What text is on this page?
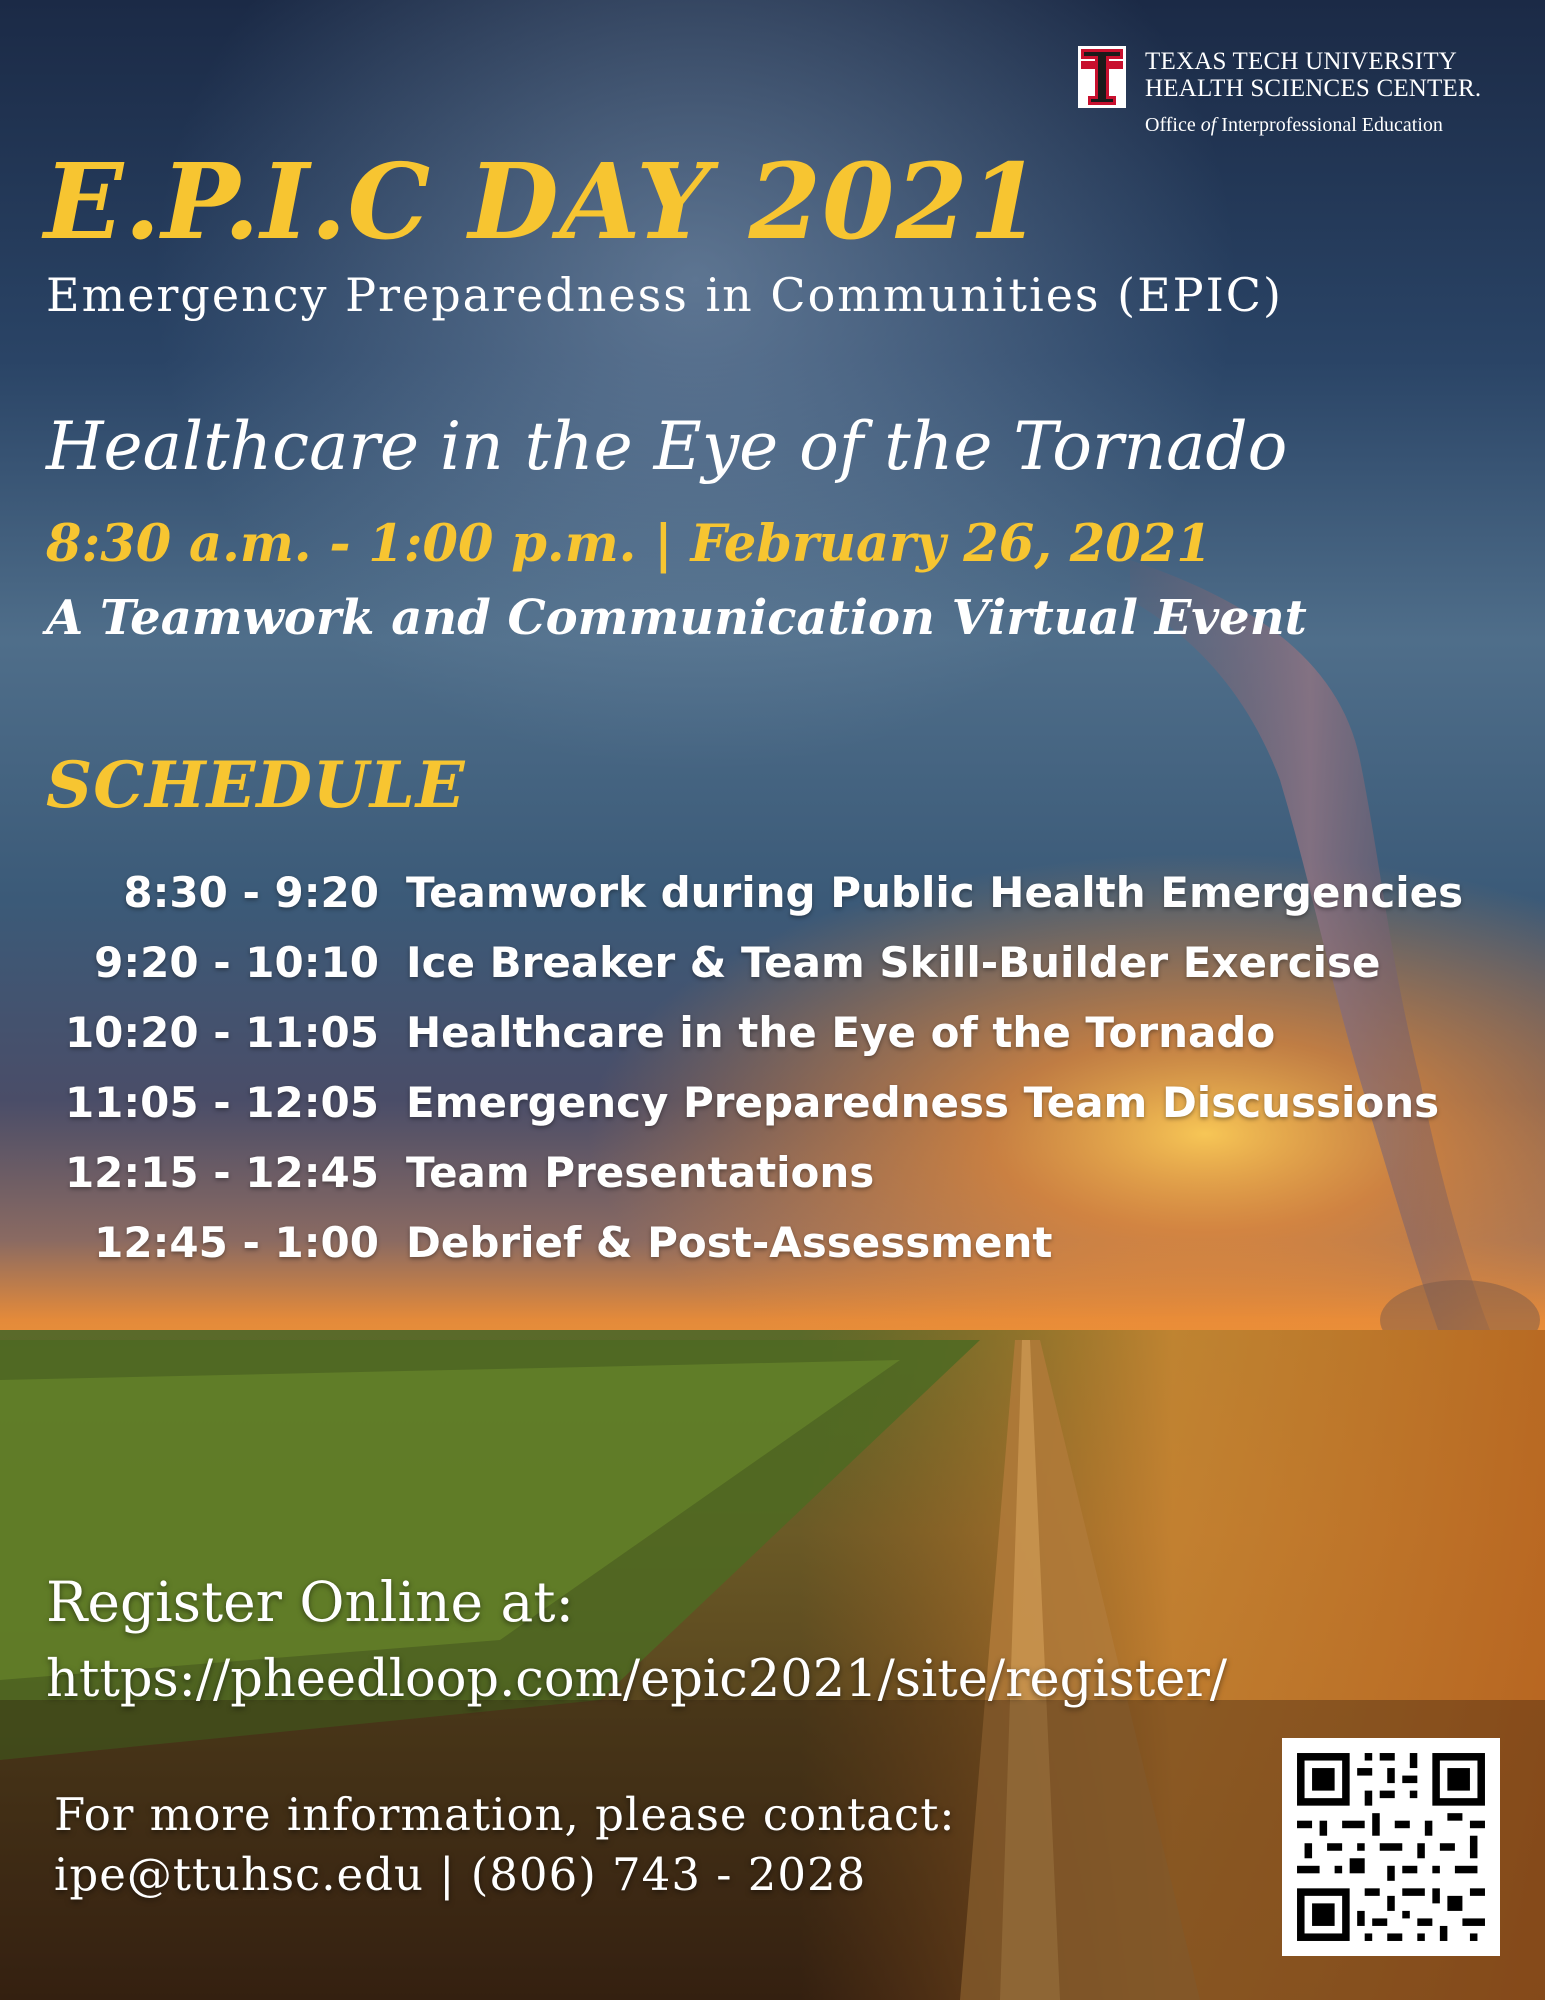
TEXAS TECH UNIVERSITY
HEALTH SCIENCES CENTER.
Office of Interprofessional Education
E.P.I.C DAY 2021
Emergency Preparedness in Communities (EPIC)
Healthcare in the Eye of the Tornado
8:30 a.m. - 1:00 p.m. | February 26, 2021
A Teamwork and Communication Virtual Event
SCHEDULE
8:30 - 9:20 Teamwork during Public Health Emergencies
9:20 - 10:10 Ice Breaker & Team Skill-Builder Exercise
10:20 - 11:05 Healthcare in the Eye of the Tornado
11:05 - 12:05 Emergency Preparedness Team Discussions
12:15 - 12:45 Team Presentations
12:45 - 1:00 Debrief & Post-Assessment
Register Online at:
https://pheedloop.com/epic2021/site/register/
For more information, please contact:
ipe@ttuhsc.edu | (806) 743 - 2028
